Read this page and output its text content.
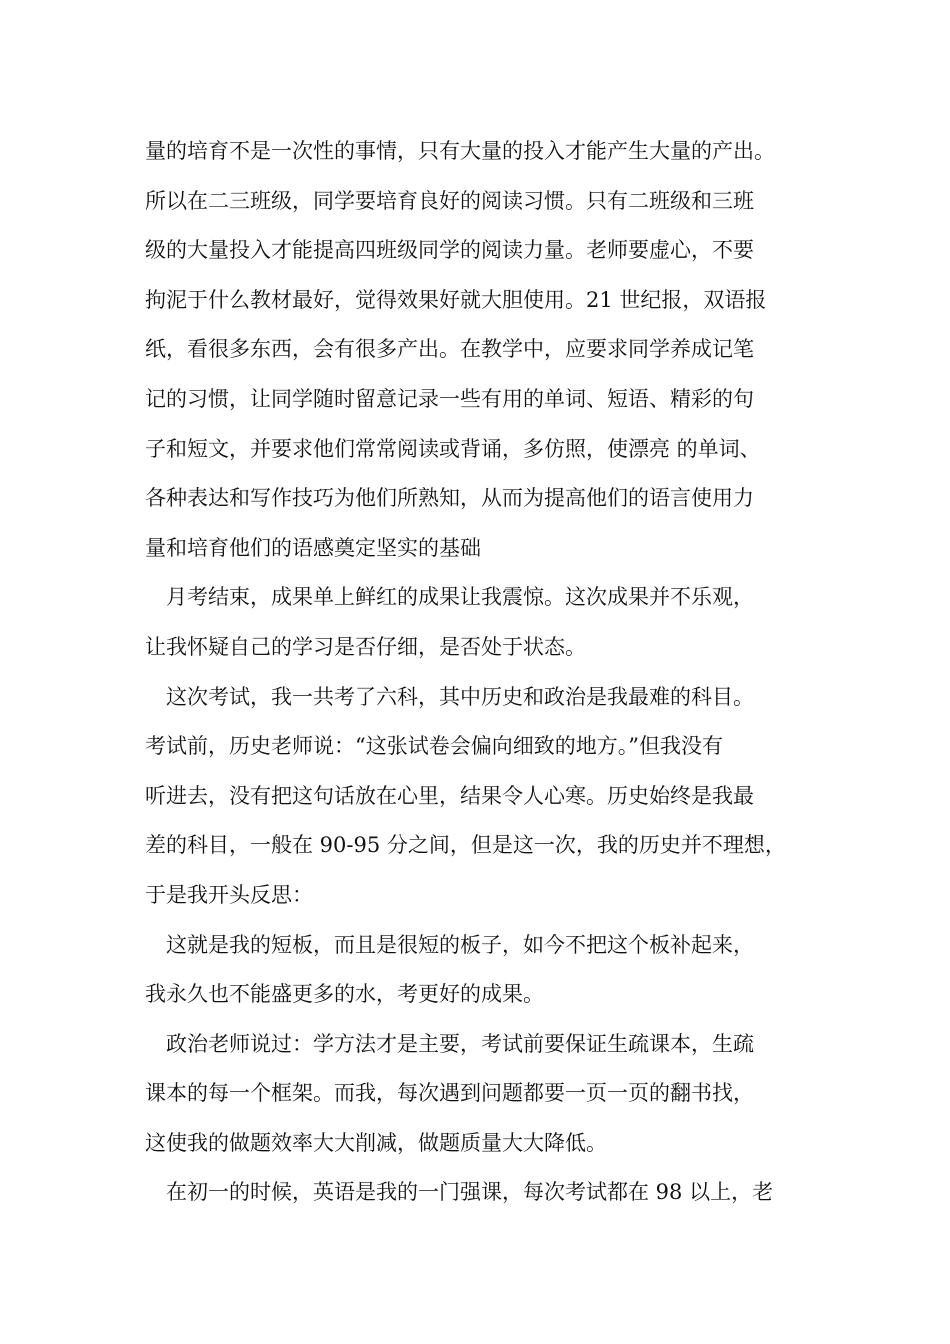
量的培育不是一次性的事情，只有大量的投入才能产生大量的产出。
所以在二三班级，同学要培育良好的阅读习惯。只有二班级和三班
级的大量投入才能提高四班级同学的阅读力量。老师要虚心，不要
拘泥于什么教材最好，觉得效果好就大胆使用。21 世纪报，双语报
纸，看很多东西，会有很多产出。在教学中，应要求同学养成记笔
记的习惯，让同学随时留意记录一些有用的单词、短语、精彩的句
子和短文，并要求他们常常阅读或背诵，多仿照，使漂亮 的单词、
各种表达和写作技巧为他们所熟知，从而为提高他们的语言使用力
量和培育他们的语感奠定坚实的基础
月考结束，成果单上鲜红的成果让我震惊。这次成果并不乐观，
让我怀疑自己的学习是否仔细，是否处于状态。
这次考试，我一共考了六科，其中历史和政治是我最难的科目。
考试前，历史老师说：“这张试卷会偏向细致的地方。”但我没有
听进去，没有把这句话放在心里，结果令人心寒。历史始终是我最
差的科目，一般在 90-95 分之间，但是这一次，我的历史并不理想，
于是我开头反思：
这就是我的短板，而且是很短的板子，如今不把这个板补起来，
我永久也不能盛更多的水，考更好的成果。
政治老师说过：学方法才是主要，考试前要保证生疏课本，生疏
课本的每一个框架。而我，每次遇到问题都要一页一页的翻书找，
这使我的做题效率大大削减，做题质量大大降低。
在初一的时候，英语是我的一门强课，每次考试都在 98 以上，老
